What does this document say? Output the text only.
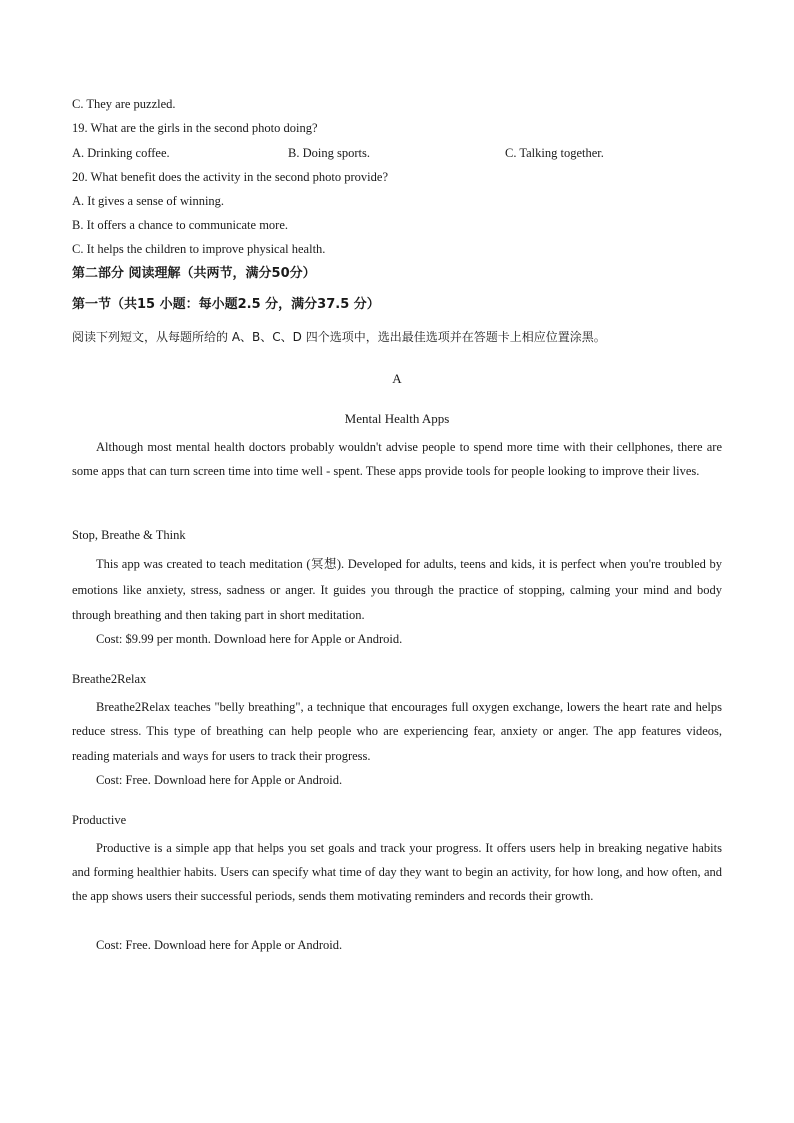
C. They are puzzled.
19. What are the girls in the second photo doing?
A. Drinking coffee.	B. Doing sports.	C. Talking together.
20. What benefit does the activity in the second photo provide?
A. It gives a sense of winning.
B. It offers a chance to communicate more.
C. It helps the children to improve physical health.
第二部分 阅读理解（共两节，满分50分）
第一节（共15 小题：每小题2.5 分，满分37.5 分）
阅读下列短文，从每题所给的 A、B、C、D 四个选项中，选出最佳选项并在答题卡上相应位置涂黑。
A
Mental Health Apps

Although most mental health doctors probably wouldn't advise people to spend more time with their cellphones, there are some apps that can turn screen time into time well - spent. These apps provide tools for people looking to improve their lives.

Stop, Breathe & Think

This app was created to teach meditation (冥想). Developed for adults, teens and kids, it is perfect when you're troubled by emotions like anxiety, stress, sadness or anger. It guides you through the practice of stopping, calming your mind and body through breathing and then taking part in short meditation.

Cost: $9.99 per month. Download here for Apple or Android.
Breathe2Relax

Breathe2Relax teaches "belly breathing", a technique that encourages full oxygen exchange, lowers the heart rate and helps reduce stress. This type of breathing can help people who are experiencing fear, anxiety or anger. The app features videos, reading materials and ways for users to track their progress.

Cost: Free. Download here for Apple or Android.
Productive

Productive is a simple app that helps you set goals and track your progress. It offers users help in breaking negative habits and forming healthier habits. Users can specify what time of day they want to begin an activity, for how long, and how often, and the app shows users their successful periods, sends them motivating reminders and records their growth.

Cost: Free. Download here for Apple or Android.
